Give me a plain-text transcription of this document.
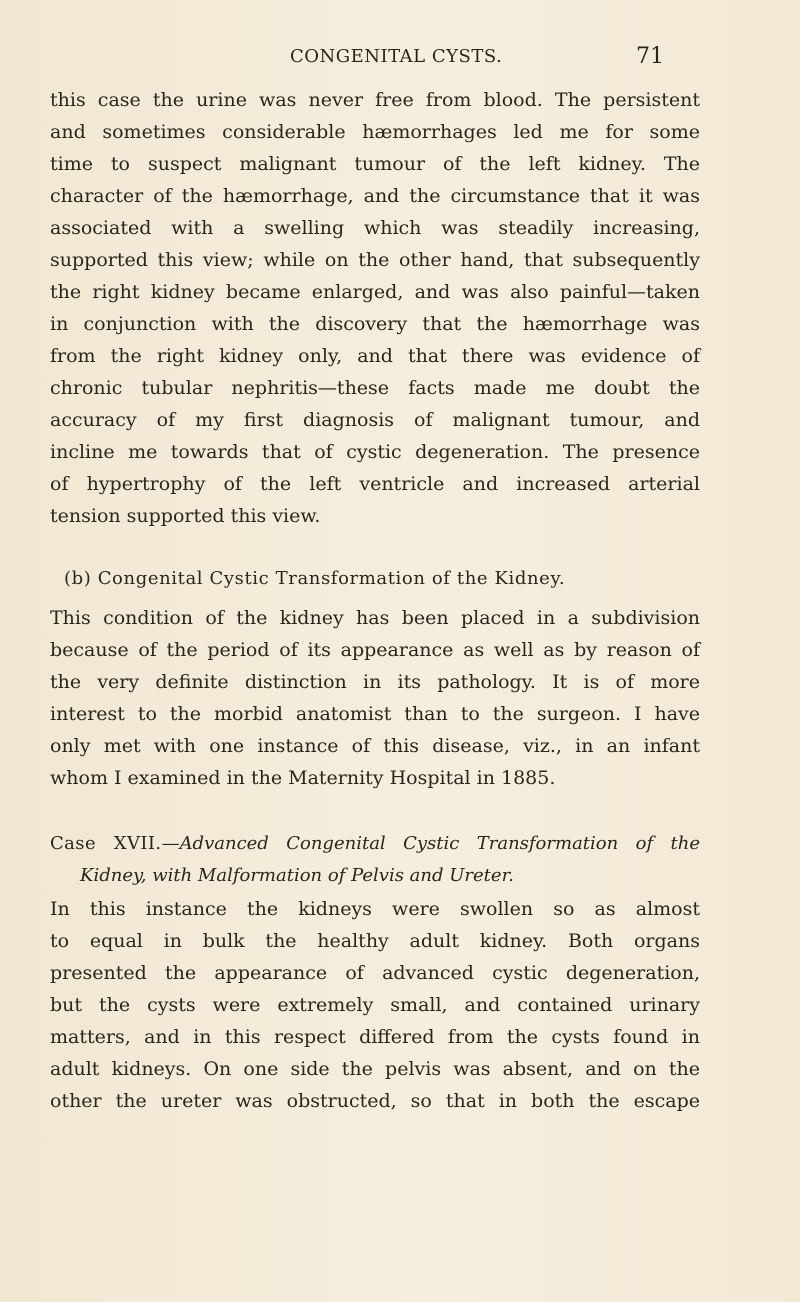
CONGENITAL CYSTS.	71
this case the urine was never free from blood. The persistent
and sometimes considerable hæmorrhages led me for some
time to suspect malignant tumour of the left kidney. The
character of the hæmorrhage, and the circumstance that it was
associated with a swelling which was steadily increasing,
supported this view; while on the other hand, that subsequently
the right kidney became enlarged, and was also painful—taken
in conjunction with the discovery that the hæmorrhage was
from the right kidney only, and that there was evidence of
chronic tubular nephritis—these facts made me doubt the
accuracy of my first diagnosis of malignant tumour, and
incline me towards that of cystic degeneration. The presence
of hypertrophy of the left ventricle and increased arterial
tension supported this view.
(b) Congenital Cystic Transformation of the Kidney.
This condition of the kidney has been placed in a subdivision
because of the period of its appearance as well as by reason of
the very definite distinction in its pathology. It is of more
interest to the morbid anatomist than to the surgeon. I have
only met with one instance of this disease, viz., in an infant
whom I examined in the Maternity Hospital in 1885.
Case XVII.—Advanced Congenital Cystic Transformation of the
Kidney, with Malformation of Pelvis and Ureter.
In this instance the kidneys were swollen so as almost
to equal in bulk the healthy adult kidney. Both organs
presented the appearance of advanced cystic degeneration,
but the cysts were extremely small, and contained urinary
matters, and in this respect differed from the cysts found in
adult kidneys. On one side the pelvis was absent, and on the
other the ureter was obstructed, so that in both the escape
